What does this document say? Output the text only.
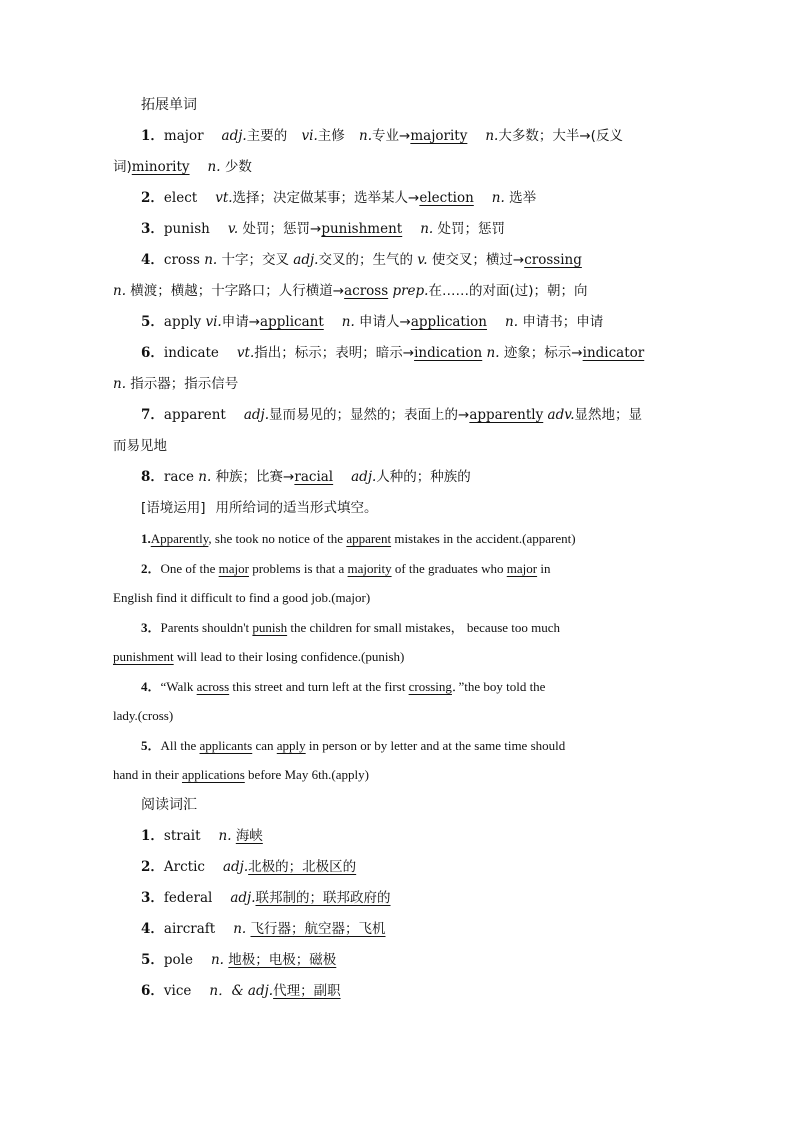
拓展单词
1．major adj.主要的 vi.主修 n.专业→majority n.大多数；大半→(反义
词)minority n. 少数
2．elect vt.选择；决定做某事；选举某人→election n. 选举
3．punish v. 处罚；惩罚→punishment n. 处罚；惩罚
4．cross n. 十字；交叉 adj.交叉的；生气的 v. 使交叉；横过→crossing
n. 横渡；横越；十字路口；人行横道→across prep.在……的对面(过)；朝；向
5．apply vi.申请→applicant n. 申请人→application n. 申请书；申请
6．indicate vt.指出；标示；表明；暗示→indication n. 迹象；标示→indicator
n. 指示器；指示信号
7．apparent adj.显而易见的；显然的；表面上的→apparently adv.显然地；显
而易见地
8．race n. 种族；比赛→racial adj.人种的；种族的
[语境运用] 用所给词的适当形式填空。
1.Apparently, she took no notice of the apparent mistakes in the accident.(apparent)
2．One of the major problems is that a majority of the graduates who major in
English find it difficult to find a good job.(major)
3．Parents shouldn't punish the children for small mistakes， because too much
punishment will lead to their losing confidence.(punish)
4．“Walk across this street and turn left at the first crossing．”the boy told the
lady.(cross)
5．All the applicants can apply in person or by letter and at the same time should
hand in their applications before May 6th.(apply)
阅读词汇
1．strait n. 海峡
2．Arctic adj.北极的；北极区的
3．federal adj.联邦制的；联邦政府的
4．aircraft n. 飞行器；航空器；飞机
5．pole n. 地极；电极；磁极
6．vice n．& adj.代理；副职
